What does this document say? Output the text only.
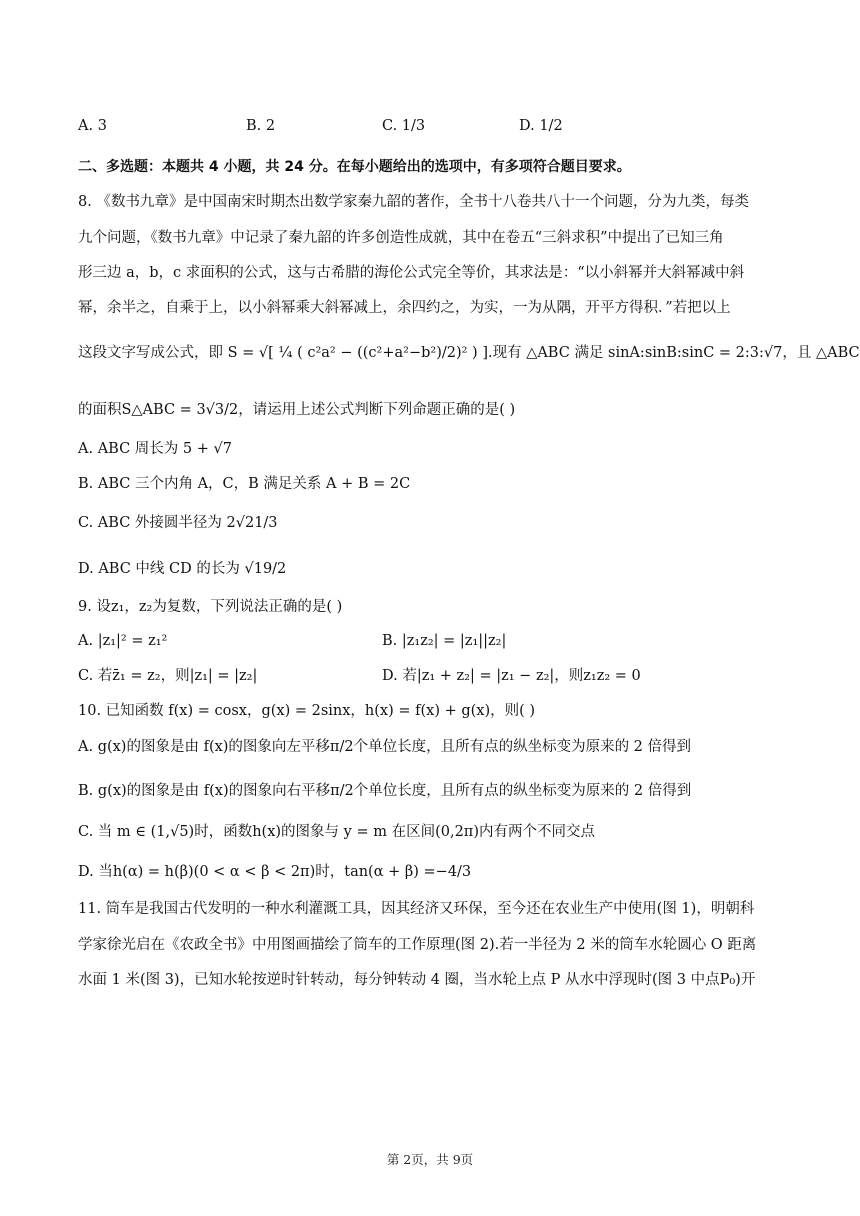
A. 3	B. 2	C. 1/3	D. 1/2
二、多选题：本题共 4 小题，共 24 分。在每小题给出的选项中，有多项符合题目要求。
8. 《数书九章》是中国南宋时期杰出数学家秦九韶的著作，全书十八卷共八十一个问题，分为九类，每类
九个问题，《数书九章》中记录了秦九韶的许多创造性成就，其中在卷五“三斜求积”中提出了已知三角
形三边 a，b，c 求面积的公式，这与古希腊的海伦公式完全等价，其求法是：“以小斜幂并大斜幂减中斜
幂，余半之，自乘于上，以小斜幂乘大斜幂减上，余四约之，为实，一为从隅，开平方得积．”若把以上
这段文字写成公式，即 S = √[ ¼ ( c²a² − ((c²+a²−b²)/2)² ) ].现有 △ABC 满足 sinA:sinB:sinC = 2:3:√7，且 △ABC
的面积S△ABC = 3√3/2，请运用上述公式判断下列命题正确的是( )
A. ABC 周长为 5 + √7
B. ABC 三个内角 A，C，B 满足关系 A + B = 2C
C. ABC 外接圆半径为 2√21/3
D. ABC 中线 CD 的长为 √19/2
9. 设z₁，z₂为复数，下列说法正确的是( )
A. |z₁|² = z₁²	B. |z₁z₂| = |z₁||z₂|
C. 若z̄₁ = z₂，则|z₁| = |z₂|	D. 若|z₁ + z₂| = |z₁ − z₂|，则z₁z₂ = 0
10. 已知函数 f(x) = cosx，g(x) = 2sinx，h(x) = f(x) + g(x)，则( )
A. g(x)的图象是由 f(x)的图象向左平移π/2个单位长度，且所有点的纵坐标变为原来的 2 倍得到
B. g(x)的图象是由 f(x)的图象向右平移π/2个单位长度，且所有点的纵坐标变为原来的 2 倍得到
C. 当 m ∈ (1,√5)时，函数h(x)的图象与 y = m 在区间(0,2π)内有两个不同交点
D. 当h(α) = h(β)(0 < α < β < 2π)时，tan(α + β) =−4/3
11. 筒车是我国古代发明的一种水利灌溉工具，因其经济又环保，至今还在农业生产中使用(图 1)，明朝科
学家徐光启在《农政全书》中用图画描绘了筒车的工作原理(图 2).若一半径为 2 米的筒车水轮圆心 O 距离
水面 1 米(图 3)，已知水轮按逆时针转动，每分钟转动 4 圈，当水轮上点 P 从水中浮现时(图 3 中点P₀)开
第 2页，共 9页
